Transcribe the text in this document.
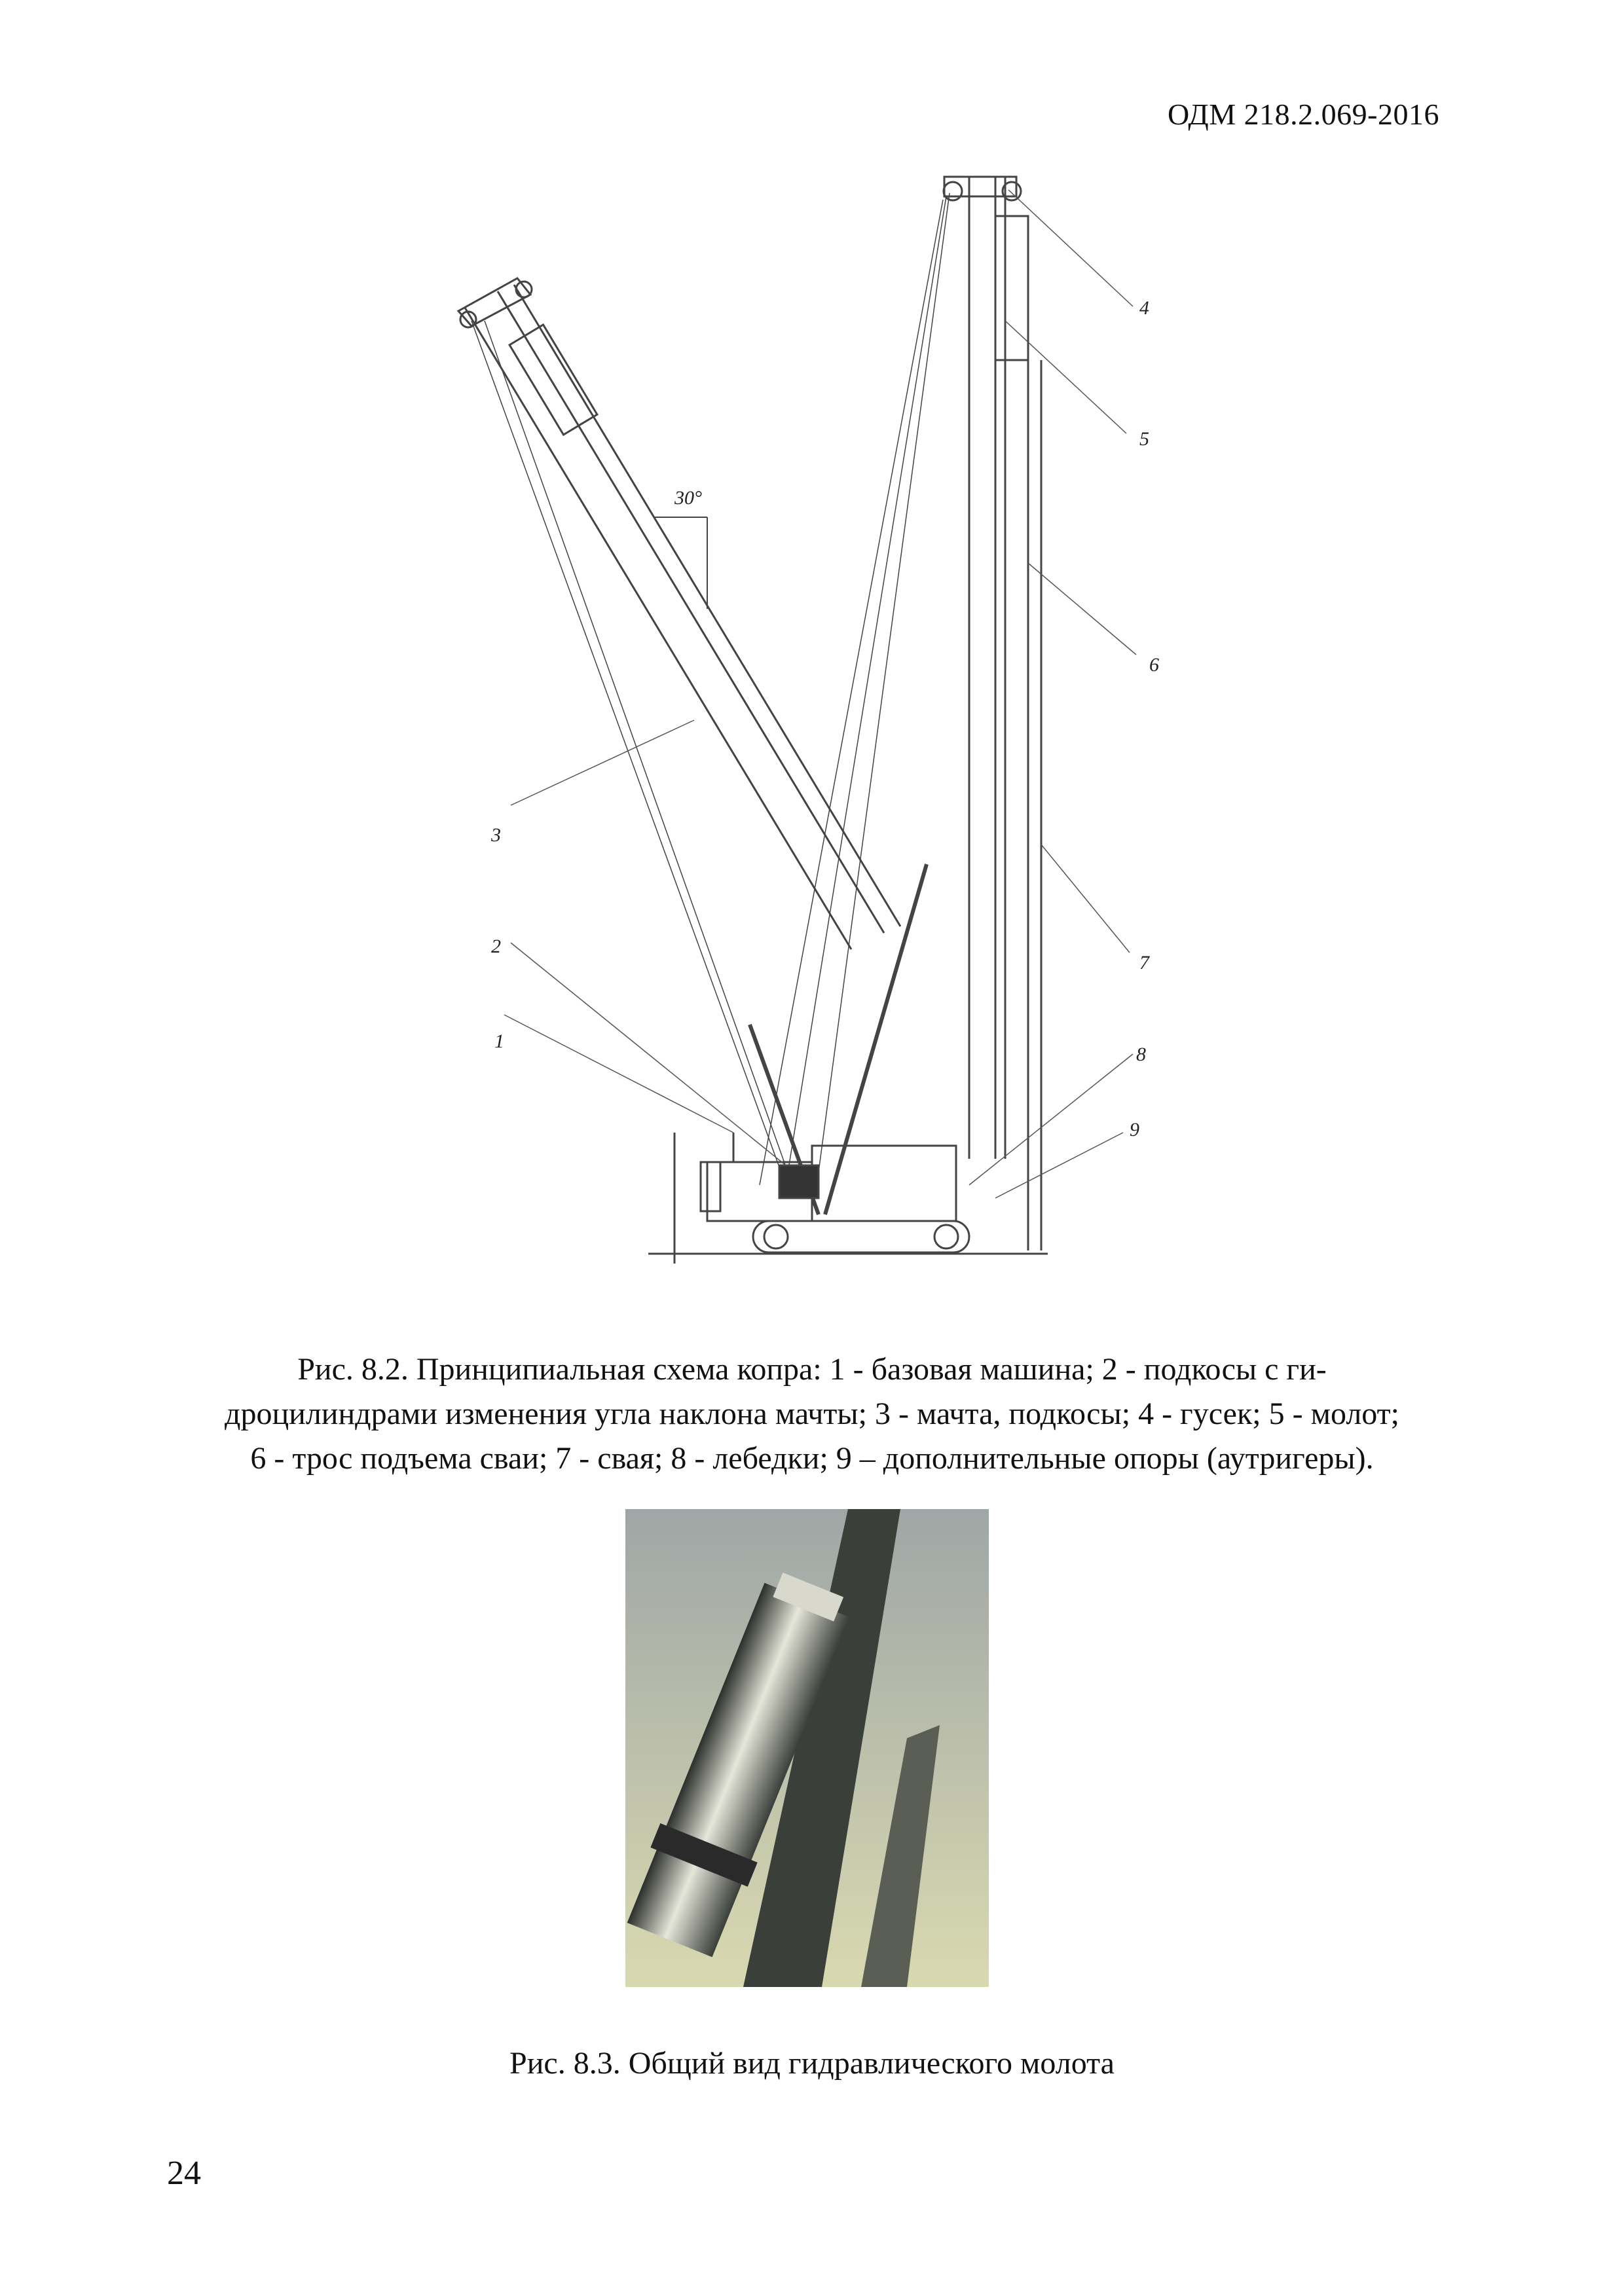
ОДМ 218.2.069-2016
30°
1
2
3
4
5
6
7
8
9
Рис. 8.2. Принципиальная схема копра: 1 - базовая машина; 2 - подкосы с ги-
дроцилиндрами изменения угла наклона мачты; 3 - мачта, подкосы; 4 - гусек; 5 - молот;
6 - трос подъема сваи; 7 - свая; 8 - лебедки; 9 – дополнительные опоры (аутригеры).
Рис. 8.3. Общий вид гидравлического молота
24
